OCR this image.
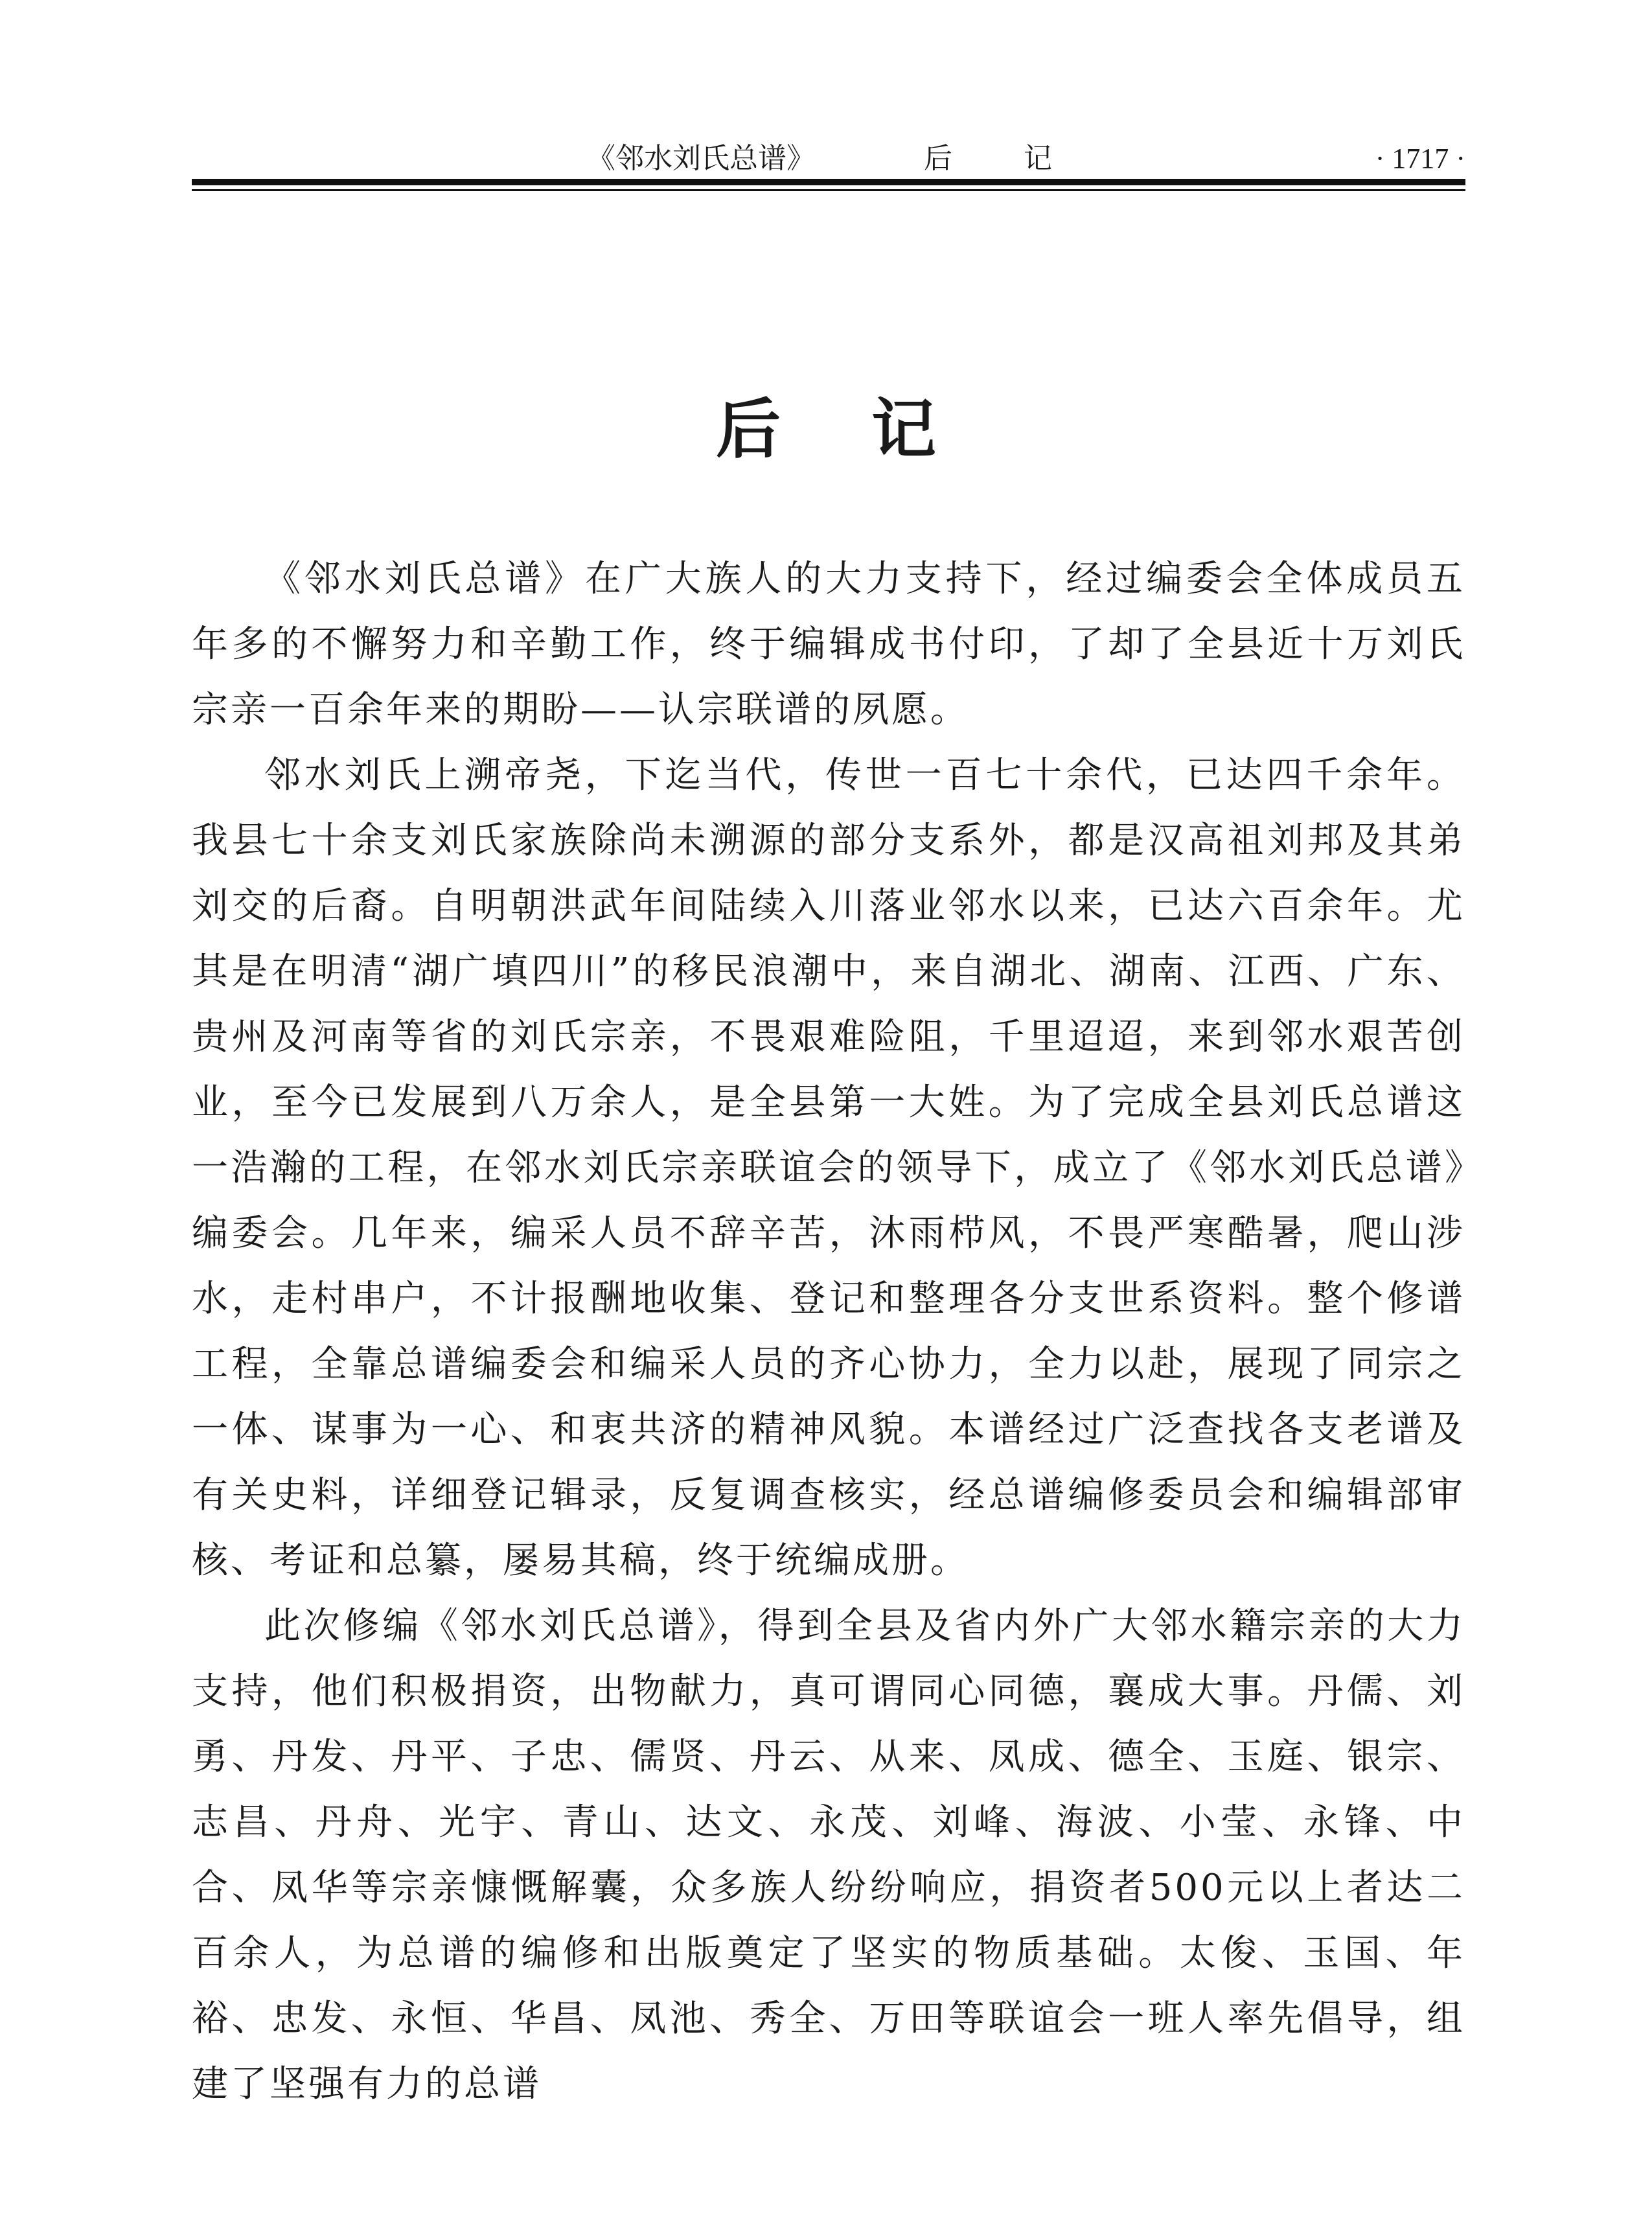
《邻水刘氏总谱》	后记	· 1717 ·
后记

《邻水刘氏总谱》在广大族人的大力支持下，经过编委会全体成员五年多的不懈努力和辛勤工作，终于编辑成书付印，了却了全县近十万刘氏宗亲一百余年来的期盼——认宗联谱的夙愿。

邻水刘氏上溯帝尧，下迄当代，传世一百七十余代，已达四千余年。我县七十余支刘氏家族除尚未溯源的部分支系外，都是汉高祖刘邦及其弟刘交的后裔。自明朝洪武年间陆续入川落业邻水以来，已达六百余年。尤其是在明清“湖广填四川”的移民浪潮中，来自湖北、湖南、江西、广东、贵州及河南等省的刘氏宗亲，不畏艰难险阻，千里迢迢，来到邻水艰苦创业，至今已发展到八万余人，是全县第一大姓。为了完成全县刘氏总谱这一浩瀚的工程，在邻水刘氏宗亲联谊会的领导下，成立了《邻水刘氏总谱》编委会。几年来，编采人员不辞辛苦，沐雨栉风，不畏严寒酷暑，爬山涉水，走村串户，不计报酬地收集、登记和整理各分支世系资料。整个修谱工程，全靠总谱编委会和编采人员的齐心协力，全力以赴，展现了同宗之一体、谋事为一心、和衷共济的精神风貌。本谱经过广泛查找各支老谱及有关史料，详细登记辑录，反复调查核实，经总谱编修委员会和编辑部审核、考证和总纂，屡易其稿，终于统编成册。

此次修编《邻水刘氏总谱》，得到全县及省内外广大邻水籍宗亲的大力支持，他们积极捐资，出物献力，真可谓同心同德，襄成大事。丹儒、刘勇、丹发、丹平、子忠、儒贤、丹云、从来、凤成、德全、玉庭、银宗、志昌、丹舟、光宇、青山、达文、永茂、刘峰、海波、小莹、永锋、中合、凤华等宗亲慷慨解囊，众多族人纷纷响应，捐资者500元以上者达二百余人，为总谱的编修和出版奠定了坚实的物质基础。太俊、玉国、年裕、忠发、永恒、华昌、凤池、秀全、万田等联谊会一班人率先倡导，组建了坚强有力的总谱
